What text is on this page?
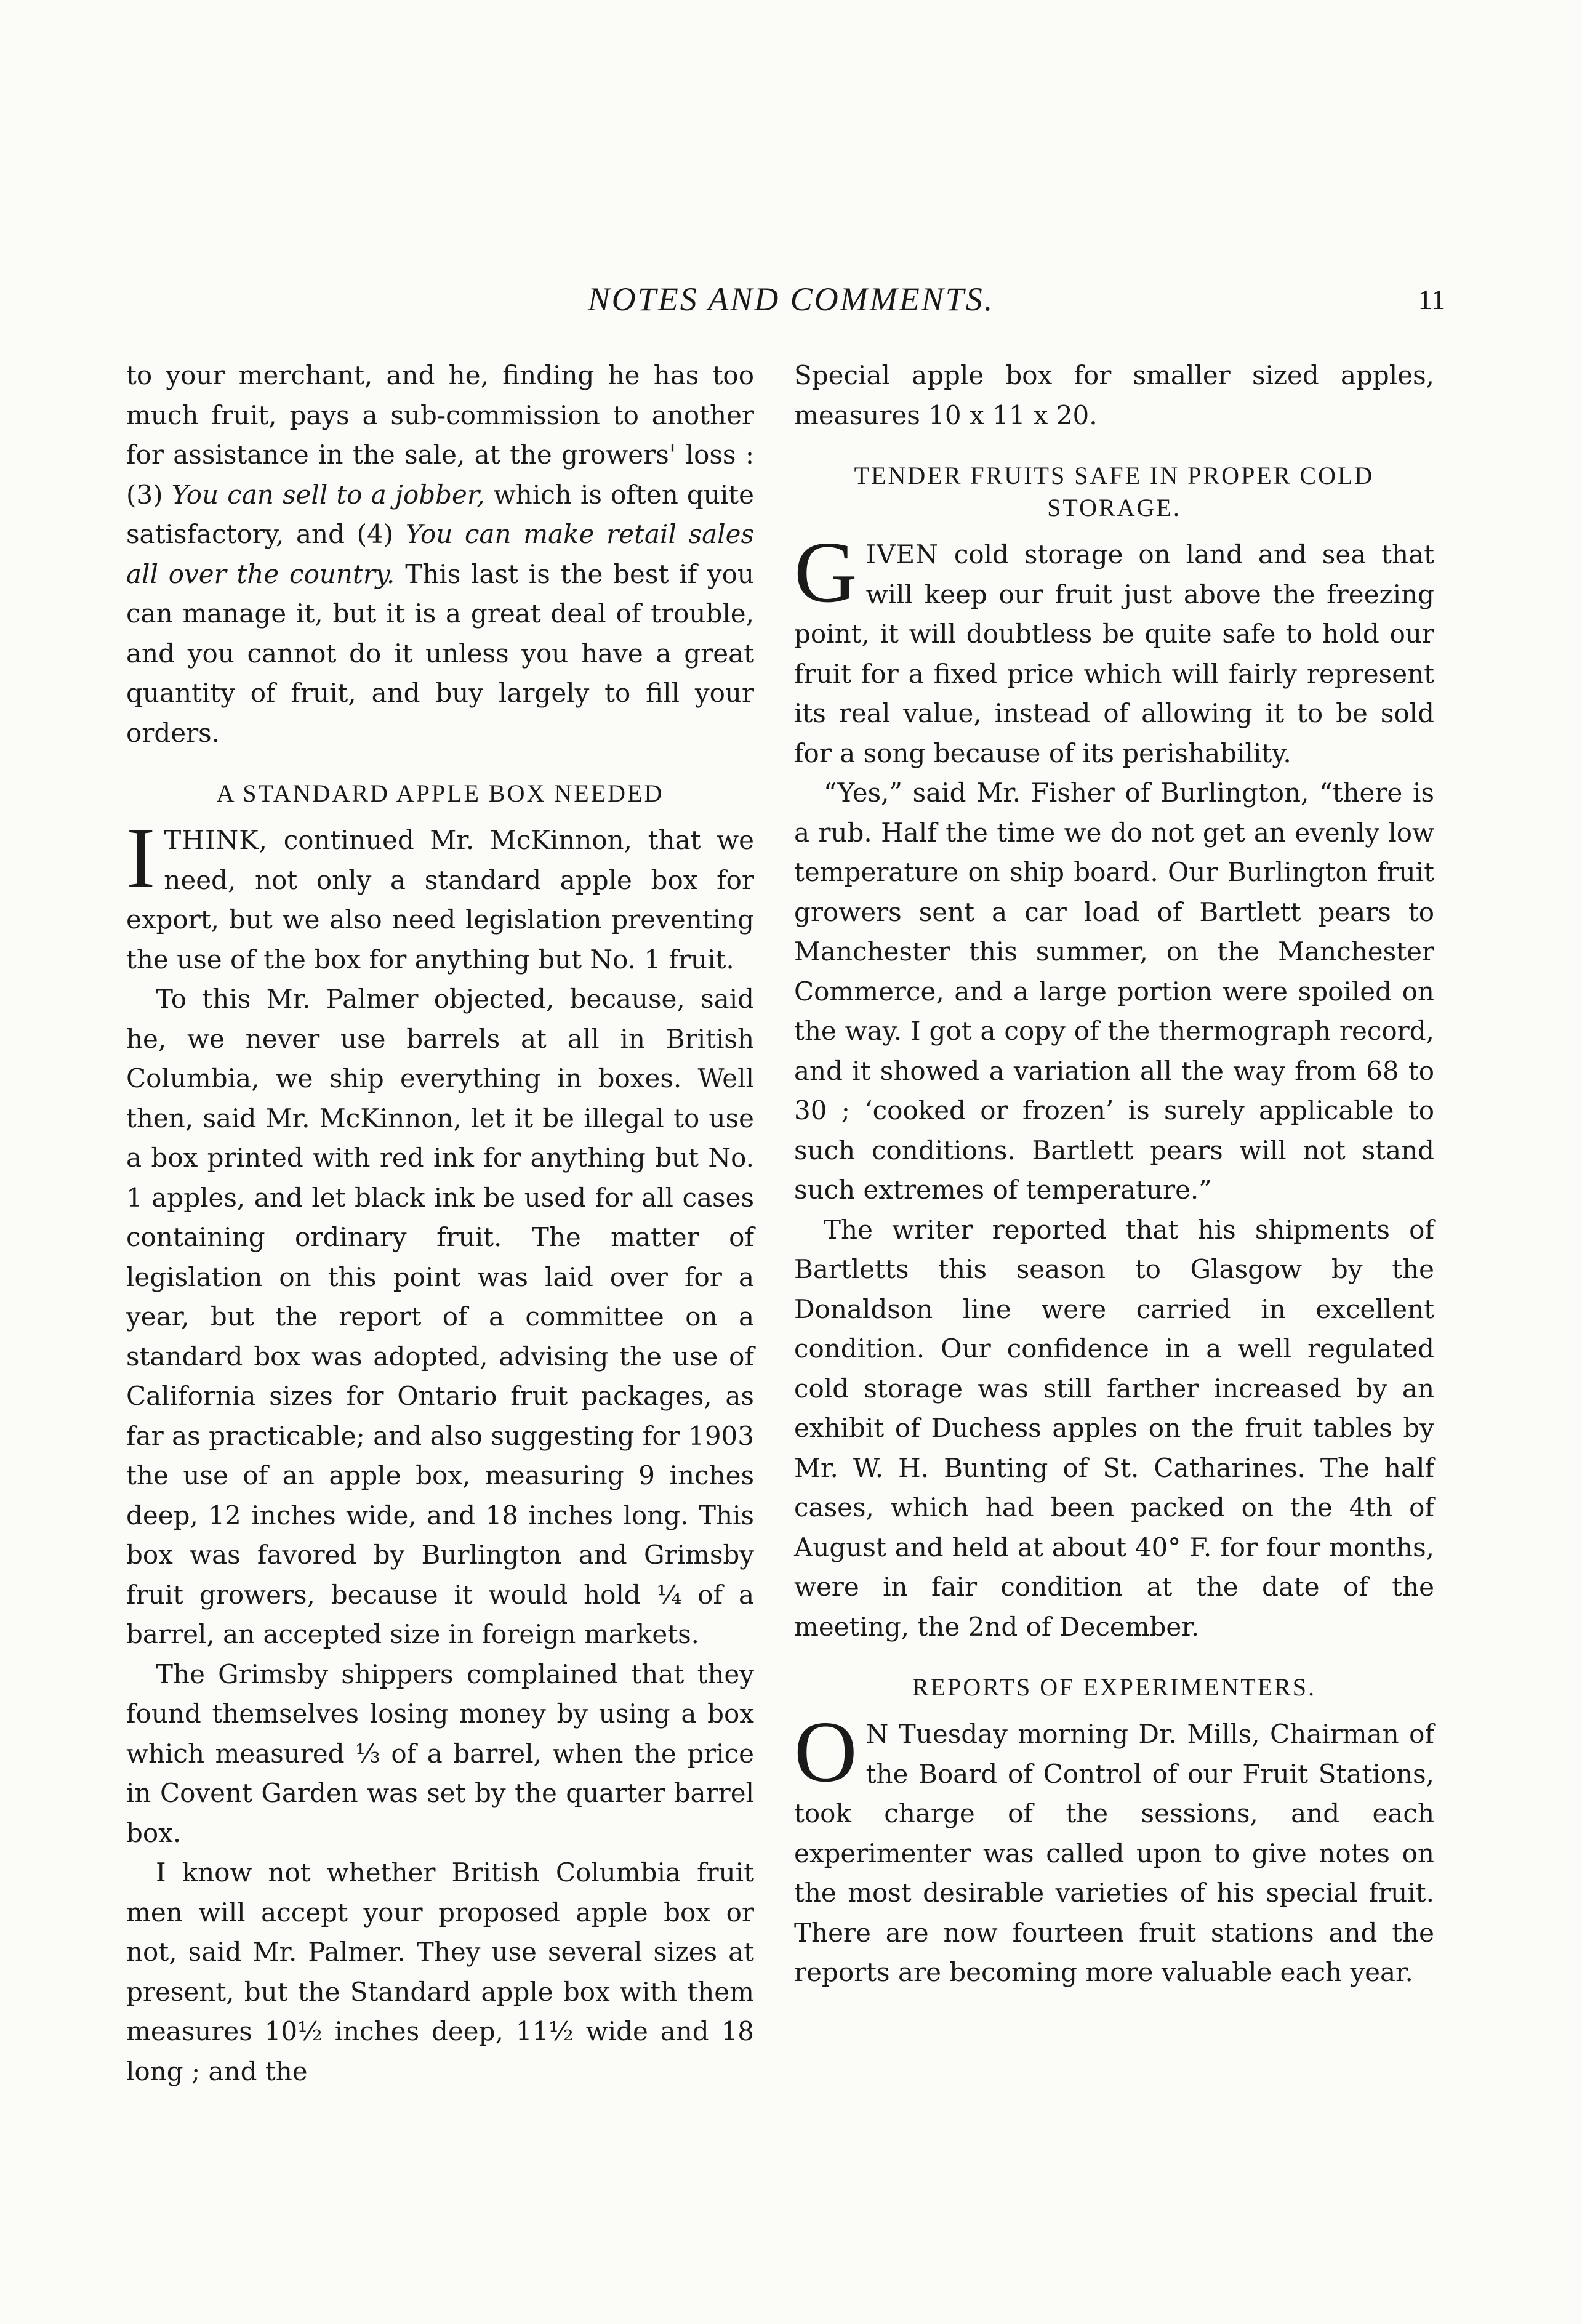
NOTES AND COMMENTS.	11

to your merchant, and he, finding he has too much fruit, pays a sub-commission to another for assistance in the sale, at the growers' loss : (3) You can sell to a jobber, which is often quite satisfactory, and (4) You can make retail sales all over the country. This last is the best if you can manage it, but it is a great deal of trouble, and you cannot do it unless you have a great quantity of fruit, and buy largely to fill your orders.

A STANDARD APPLE BOX NEEDED

I THINK, continued Mr. McKinnon, that we need, not only a standard apple box for export, but we also need legislation preventing the use of the box for anything but No. 1 fruit.

To this Mr. Palmer objected, because, said he, we never use barrels at all in British Columbia, we ship everything in boxes. Well then, said Mr. McKinnon, let it be illegal to use a box printed with red ink for anything but No. 1 apples, and let black ink be used for all cases containing ordinary fruit. The matter of legislation on this point was laid over for a year, but the report of a committee on a standard box was adopted, advising the use of California sizes for Ontario fruit packages, as far as practicable; and also suggesting for 1903 the use of an apple box, measuring 9 inches deep, 12 inches wide, and 18 inches long. This box was favored by Burlington and Grimsby fruit growers, because it would hold ¼ of a barrel, an accepted size in foreign markets.

The Grimsby shippers complained that they found themselves losing money by using a box which measured ⅓ of a barrel, when the price in Covent Garden was set by the quarter barrel box.

I know not whether British Columbia fruit men will accept your proposed apple box or not, said Mr. Palmer. They use several sizes at present, but the Standard apple box with them measures 10½ inches deep, 11½ wide and 18 long ; and the

Special apple box for smaller sized apples, measures 10 x 11 x 20.

TENDER FRUITS SAFE IN PROPER COLD STORAGE.

GIVEN cold storage on land and sea that will keep our fruit just above the freezing point, it will doubtless be quite safe to hold our fruit for a fixed price which will fairly represent its real value, instead of allowing it to be sold for a song because of its perishability.

“Yes,” said Mr. Fisher of Burlington, “there is a rub. Half the time we do not get an evenly low temperature on ship board. Our Burlington fruit growers sent a car load of Bartlett pears to Manchester this summer, on the Manchester Commerce, and a large portion were spoiled on the way. I got a copy of the thermograph record, and it showed a variation all the way from 68 to 30 ; ‘cooked or frozen’ is surely applicable to such conditions. Bartlett pears will not stand such extremes of temperature.”

The writer reported that his shipments of Bartletts this season to Glasgow by the Donaldson line were carried in excellent condition. Our confidence in a well regulated cold storage was still farther increased by an exhibit of Duchess apples on the fruit tables by Mr. W. H. Bunting of St. Catharines. The half cases, which had been packed on the 4th of August and held at about 40° F. for four months, were in fair condition at the date of the meeting, the 2nd of December.

REPORTS OF EXPERIMENTERS.

O N Tuesday morning Dr. Mills, Chairman of the Board of Control of our Fruit Stations, took charge of the sessions, and each experimenter was called upon to give notes on the most desirable varieties of his special fruit. There are now fourteen fruit stations and the reports are becoming more valuable each year.
